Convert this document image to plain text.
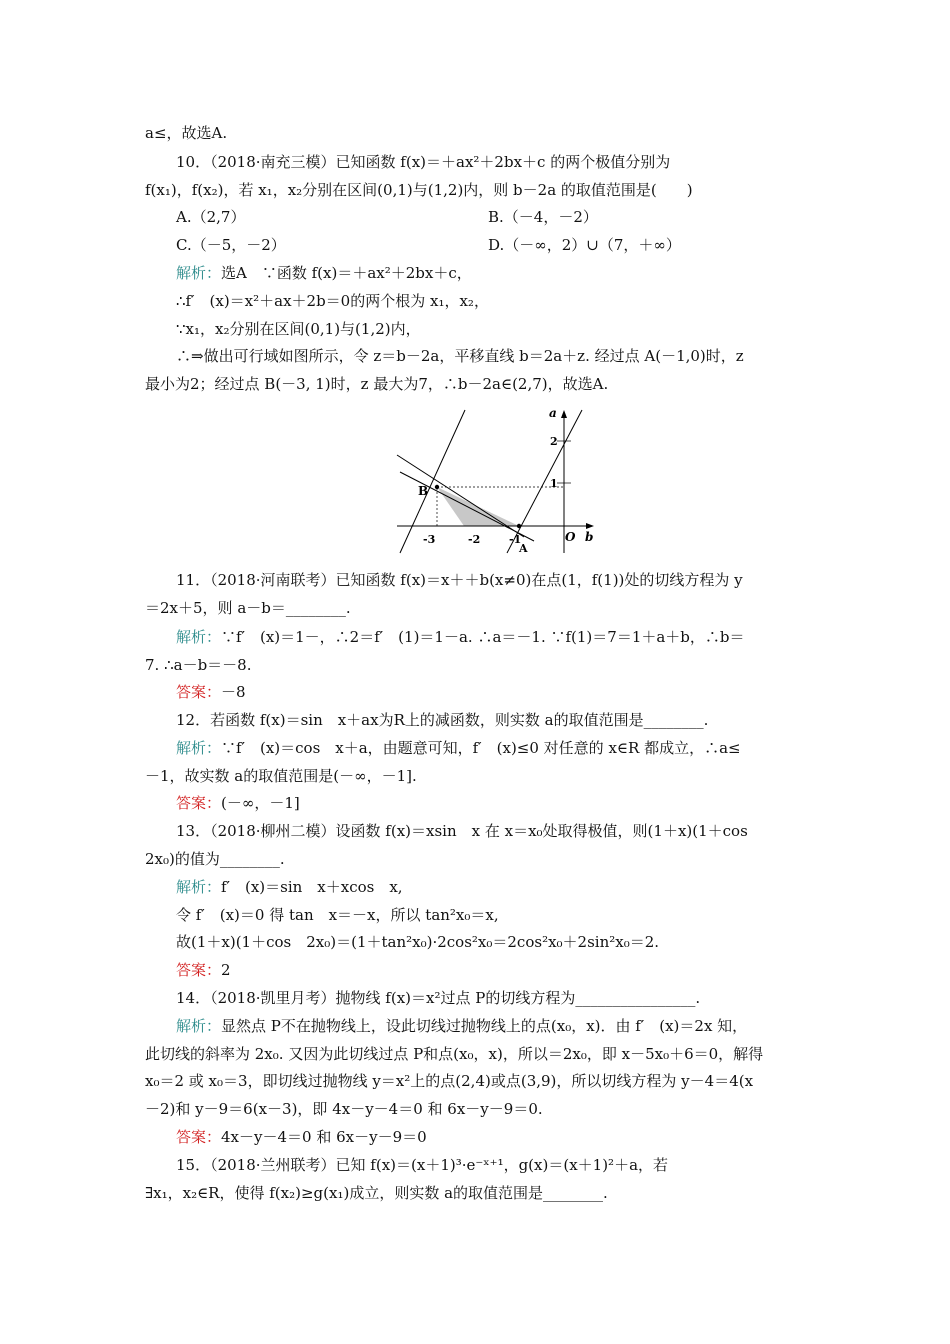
a≤，故选A.
10．（2018·南充三模）已知函数 f(x)＝＋ax²＋2bx＋c 的两个极值分别为
f(x₁)，f(x₂)，若 x₁，x₂分别在区间(0,1)与(1,2)内，则 b－2a 的取值范围是(　　)
A.（2,7）	B.（－4，－2）
C.（－5，－2）	D.（－∞，2）∪（7，＋∞）
解析：选A　∵函数 f(x)＝＋ax²＋2bx＋c，
∴f′　(x)＝x²＋ax＋2b＝0的两个根为 x₁，x₂，
∵x₁，x₂分别在区间(0,1)与(1,2)内，
∴⇒做出可行域如图所示，令 z＝b－2a，平移直线 b＝2a＋z. 经过点 A(－1,0)时，z
最小为2；经过点 B(－3, 1)时，z 最大为7，∴b－2a∈(2,7)，故选A.
B
A
-3	-2	-1
2
1
O b
a
11．（2018·河南联考）已知函数 f(x)＝x＋＋b(x≠0)在点(1，f(1))处的切线方程为 y
＝2x＋5，则 a－b＝________.
解析：∵f′　(x)＝1－，∴2＝f′　(1)＝1－a. ∴a＝－1. ∵f(1)＝7＝1＋a＋b，∴b＝
7. ∴a－b＝－8.
答案：－8
12．若函数 f(x)＝sin　x＋ax为R上的减函数，则实数 a的取值范围是________.
解析：∵f′　(x)＝cos　x＋a，由题意可知，f′　(x)≤0 对任意的 x∈R 都成立，∴a≤
－1，故实数 a的取值范围是(－∞，－1].
答案：(－∞，－1]
13．（2018·柳州二模）设函数 f(x)＝xsin　x 在 x＝x₀处取得极值，则(1＋x)(1＋cos
2x₀)的值为________.
解析：f′　(x)＝sin　x＋xcos　x,
令 f′　(x)＝0 得 tan　x＝－x，所以 tan²x₀＝x,
故(1＋x)(1＋cos　2x₀)＝(1＋tan²x₀)·2cos²x₀＝2cos²x₀＋2sin²x₀＝2.
答案：2
14．（2018·凯里月考）抛物线 f(x)＝x²过点 P的切线方程为________________.
解析：显然点 P不在抛物线上，设此切线过抛物线上的点(x₀，x)．由 f′　(x)＝2x 知，
此切线的斜率为 2x₀. 又因为此切线过点 P和点(x₀，x)，所以＝2x₀，即 x－5x₀＋6＝0，解得
x₀＝2 或 x₀＝3，即切线过抛物线 y＝x²上的点(2,4)或点(3,9)，所以切线方程为 y－4＝4(x
－2)和 y－9＝6(x－3)，即 4x－y－4＝0 和 6x－y－9＝0.
答案：4x－y－4＝0 和 6x－y－9＝0
15．（2018·兰州联考）已知 f(x)＝(x＋1)³·e⁻ˣ⁺¹，g(x)＝(x＋1)²＋a，若
∃x₁，x₂∈R，使得 f(x₂)≥g(x₁)成立，则实数 a的取值范围是________.
